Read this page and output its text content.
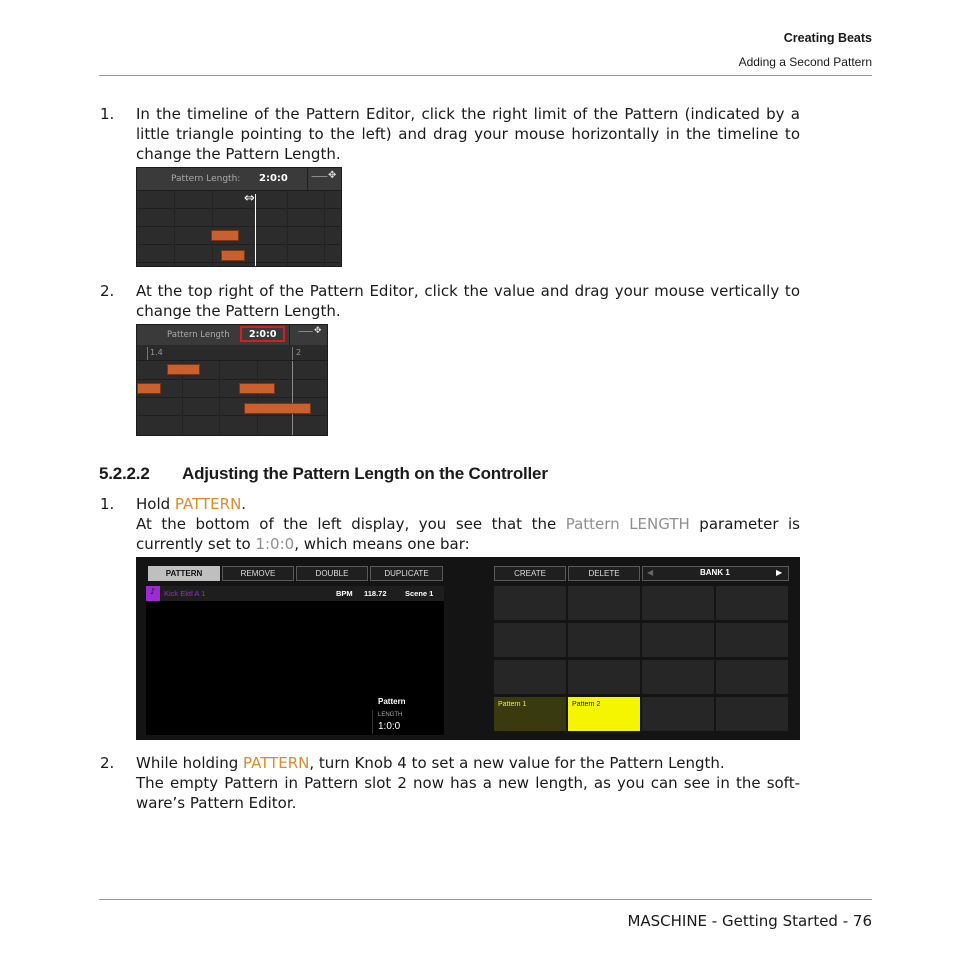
Creating Beats
Adding a Second Pattern
1. In the timeline of the Pattern Editor, click the right limit of the Pattern (indicated by a little triangle pointing to the left) and drag your mouse horizontally in the timeline to change the Pattern Length.
Pattern Length: 2:0:0 ⸺ ✥
⇔
2. At the top right of the Pattern Editor, click the value and drag your mouse vertically to change the Pattern Length.
Pattern Length 2:0:0 ⸺ ✥
1.4	2
5.2.2.2 Adjusting the Pattern Length on the Controller
1. Hold PATTERN.
At the bottom of the left display, you see that the Pattern LENGTH parameter is currently set to 1:0:0, which means one bar:
PATTERN	REMOVE	DOUBLE	DUPLICATE
♪ Kick Ektl A 1	BPM 118.72 Scene 1
Pattern
LENGTH
1:0:0
CREATE	DELETE	◀	BANK 1	▶
Pattern 1	Pattern 2
2. While holding PATTERN, turn Knob 4 to set a new value for the Pattern Length.
The empty Pattern in Pattern slot 2 now has a new length, as you can see in the soft-ware’s Pattern Editor.
MASCHINE - Getting Started - 76
